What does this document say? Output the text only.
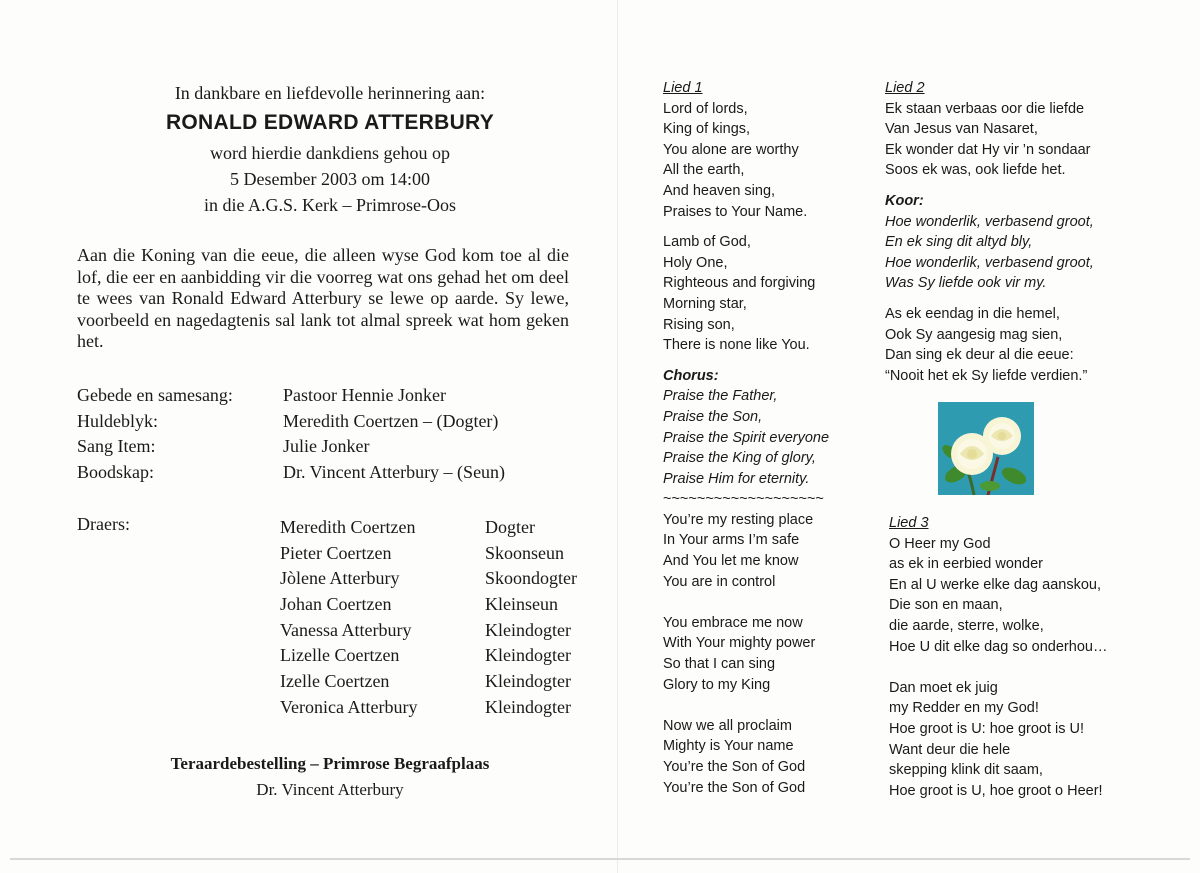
In dankbare en liefdevolle herinnering aan:
RONALD EDWARD ATTERBURY
word hierdie dankdiens gehou op
5 Desember 2003 om 14:00
in die A.G.S. Kerk – Primrose-Oos
Aan die Koning van die eeue, die alleen wyse God kom toe al die lof, die eer en aanbidding vir die voorreg wat ons gehad het om deel te wees van Ronald Edward Atterbury se lewe op aarde. Sy lewe, voorbeeld en nagedagtenis sal lank tot almal spreek wat hom geken het.
Gebede en samesang:	Pastoor Hennie Jonker
Huldeblyk:	Meredith Coertzen – (Dogter)
Sang Item:	Julie Jonker
Boodskap:	Dr. Vincent Atterbury – (Seun)
Draers:	Meredith Coertzen	Dogter
Pieter Coertzen	Skoonseun
Jòlene Atterbury	Skoondogter
Johan Coertzen	Kleinseun
Vanessa Atterbury	Kleindogter
Lizelle Coertzen	Kleindogter
Izelle Coertzen	Kleindogter
Veronica Atterbury	Kleindogter
Teraardebestelling – Primrose Begraafplaas
Dr. Vincent Atterbury
Lied 1
Lord of lords,
King of kings,
You alone are worthy
All the earth,
And heaven sing,
Praises to Your Name.
Lamb of God,
Holy One,
Righteous and forgiving
Morning star,
Rising son,
There is none like You.
Chorus:
Praise the Father,
Praise the Son,
Praise the Spirit everyone
Praise the King of glory,
Praise Him for eternity.
~~~~~~~~~~~~~~~~~~~
You’re my resting place
In Your arms I’m safe
And You let me know
You are in control
You embrace me now
With Your mighty power
So that I can sing
Glory to my King
Now we all proclaim
Mighty is Your name
You’re the Son of God
You’re the Son of God
Lied 2
Ek staan verbaas oor die liefde
Van Jesus van Nasaret,
Ek wonder dat Hy vir ’n sondaar
Soos ek was, ook liefde het.
Koor:
Hoe wonderlik, verbasend groot,
En ek sing dit altyd bly,
Hoe wonderlik, verbasend groot,
Was Sy liefde ook vir my.
As ek eendag in die hemel,
Ook Sy aangesig mag sien,
Dan sing ek deur al die eeue:
“Nooit het ek Sy liefde verdien.”
Lied 3
O Heer my God
as ek in eerbied wonder
En al U werke elke dag aanskou,
Die son en maan,
die aarde, sterre, wolke,
Hoe U dit elke dag so onderhou…
Dan moet ek juig
my Redder en my God!
Hoe groot is U: hoe groot is U!
Want deur die hele
skepping klink dit saam,
Hoe groot is U, hoe groot o Heer!
